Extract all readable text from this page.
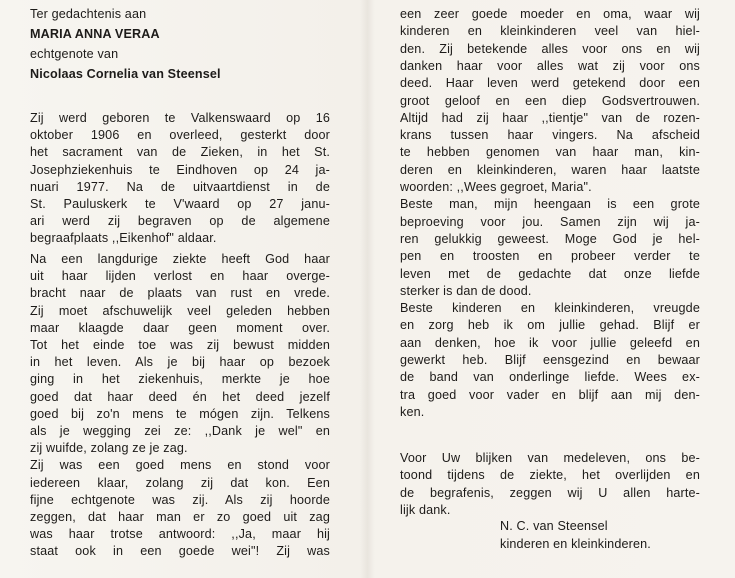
Ter gedachtenis aan
MARIA ANNA VERAA
echtgenote van
Nicolaas Cornelia van Steensel
Zij werd geboren te Valkenswaard op 16
oktober 1906 en overleed, gesterkt door
het sacrament van de Zieken, in het St.
Josephziekenhuis te Eindhoven op 24 ja-
nuari 1977. Na de uitvaartdienst in de
St. Pauluskerk te V'waard op 27 janu-
ari werd zij begraven op de algemene
begraafplaats ,,Eikenhof" aldaar.
Na een langdurige ziekte heeft God haar
uit haar lijden verlost en haar overge-
bracht naar de plaats van rust en vrede.
Zij moet afschuwelijk veel geleden hebben
maar klaagde daar geen moment over.
Tot het einde toe was zij bewust midden
in het leven. Als je bij haar op bezoek
ging in het ziekenhuis, merkte je hoe
goed dat haar deed én het deed jezelf
goed bij zo'n mens te mógen zijn. Telkens
als je wegging zei ze: ,,Dank je wel" en
zij wuifde, zolang ze je zag.
Zij was een goed mens en stond voor
iedereen klaar, zolang zij dat kon. Een
fijne echtgenote was zij. Als zij hoorde
zeggen, dat haar man er zo goed uit zag
was haar trotse antwoord: ,,Ja, maar hij
staat ook in een goede wei"! Zij was
een zeer goede moeder en oma, waar wij
kinderen en kleinkinderen veel van hiel-
den. Zij betekende alles voor ons en wij
danken haar voor alles wat zij voor ons
deed. Haar leven werd getekend door een
groot geloof en een diep Godsvertrouwen.
Altijd had zij haar ,,tientje" van de rozen-
krans tussen haar vingers. Na afscheid
te hebben genomen van haar man, kin-
deren en kleinkinderen, waren haar laatste
woorden: ,,Wees gegroet, Maria".
Beste man, mijn heengaan is een grote
beproeving voor jou. Samen zijn wij ja-
ren gelukkig geweest. Moge God je hel-
pen en troosten en probeer verder te
leven met de gedachte dat onze liefde
sterker is dan de dood.
Beste kinderen en kleinkinderen, vreugde
en zorg heb ik om jullie gehad. Blijf er
aan denken, hoe ik voor jullie geleefd en
gewerkt heb. Blijf eensgezind en bewaar
de band van onderlinge liefde. Wees ex-
tra goed voor vader en blijf aan mij den-
ken.
Voor Uw blijken van medeleven, ons be-
toond tijdens de ziekte, het overlijden en
de begrafenis, zeggen wij U allen harte-
lijk dank.
N. C. van Steensel
kinderen en kleinkinderen.
